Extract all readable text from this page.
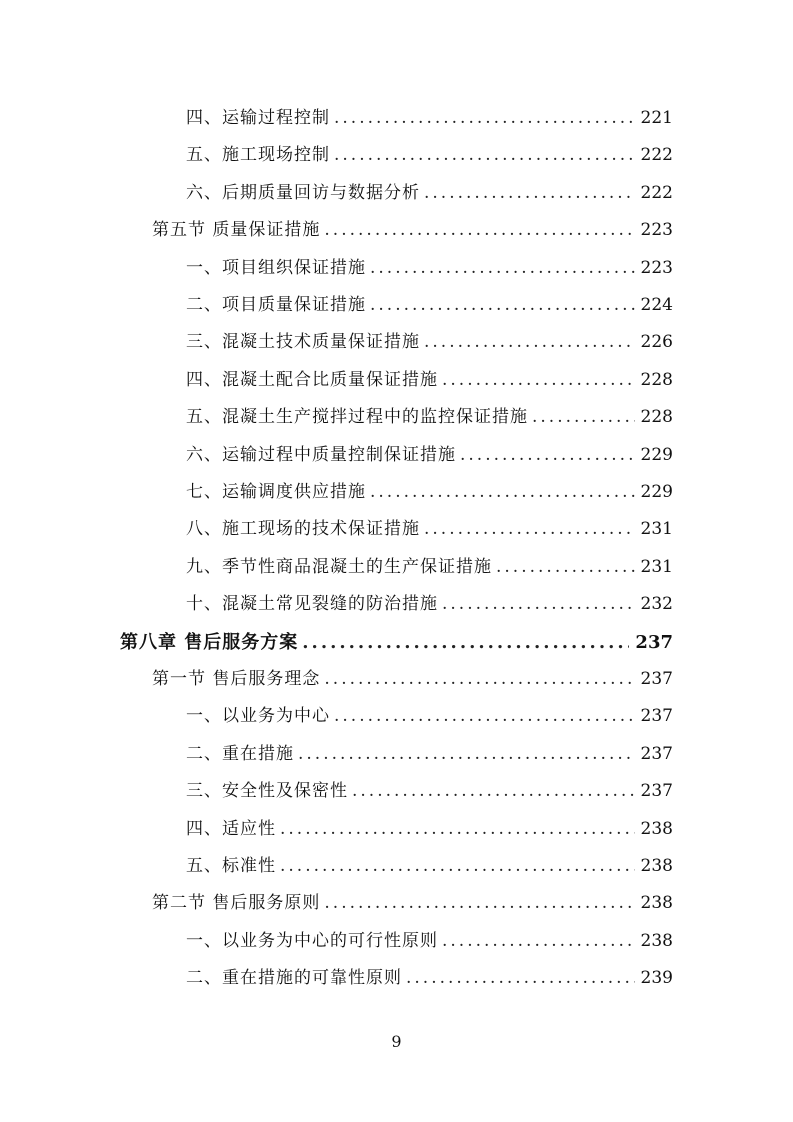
四、运输过程控制 .....	221
五、施工现场控制 .....	222
六、后期质量回访与数据分析 .....	222
第五节 质量保证措施 .....	223
一、项目组织保证措施 .....	223
二、项目质量保证措施 .....	224
三、混凝土技术质量保证措施 .....	226
四、混凝土配合比质量保证措施 .....	228
五、混凝土生产搅拌过程中的监控保证措施 .....	228
六、运输过程中质量控制保证措施 .....	229
七、运输调度供应措施 .....	229
八、施工现场的技术保证措施 .....	231
九、季节性商品混凝土的生产保证措施 .....	231
十、混凝土常见裂缝的防治措施 .....	232
第八章 售后服务方案 .....	237
第一节 售后服务理念 .....	237
一、以业务为中心 .....	237
二、重在措施 .....	237
三、安全性及保密性 .....	237
四、适应性 .....	238
五、标准性 .....	238
第二节 售后服务原则 .....	238
一、以业务为中心的可行性原则 .....	238
二、重在措施的可靠性原则 .....	239
9
